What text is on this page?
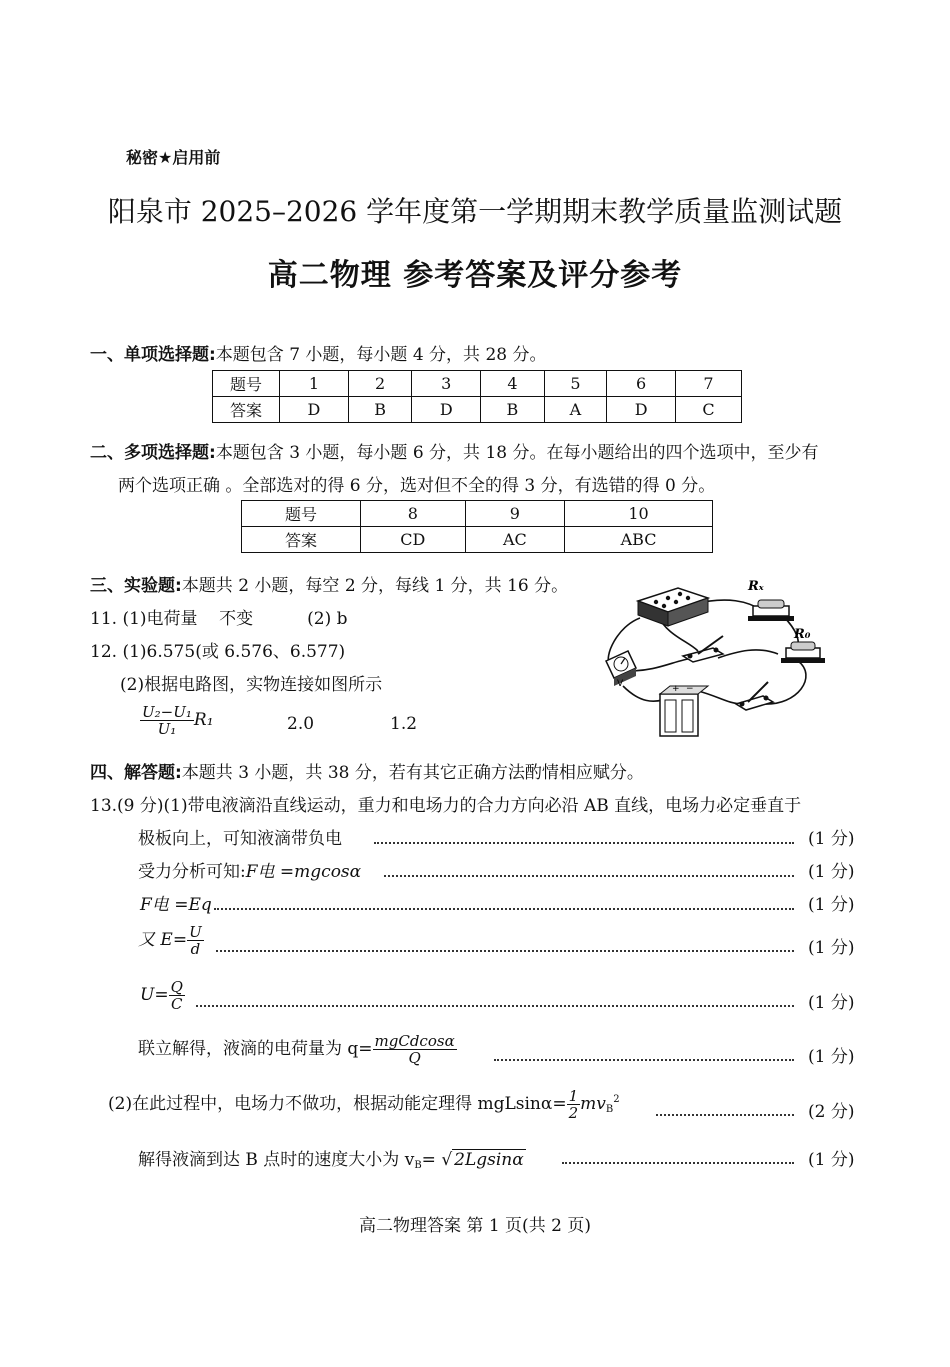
秘密★启用前
阳泉市 2025–2026 学年度第一学期期末教学质量监测试题
高二物理 参考答案及评分参考
一、单项选择题:本题包含 7 小题，每小题 4 分，共 28 分。
题号	1	2	3	4	5	6	7
答案	D	B	D	B	A	D	C
二、多项选择题:本题包含 3 小题，每小题 6 分，共 18 分。在每小题给出的四个选项中，至少有
两个选项正确 。全部选对的得 6 分，选对但不全的得 3 分，有选错的得 0 分。
题号	8	9	10
答案	CD	AC	ABC
三、实验题:本题共 2 小题，每空 2 分，每线 1 分，共 16 分。
11. (1)电荷量    不变          (2) b
12. (1)6.575(或 6.576、6.577)
(2)根据电路图，实物连接如图所示
$\frac{\text{U₂−U₁}}{\text{U₁}} R_1$	2.0	1.2
Rₓ
R₀
V	+ −
四、解答题:本题共 3 小题，共 38 分，若有其它正确方法酌情相应赋分。
13.(9 分)(1)带电液滴沿直线运动，重力和电场力的合力方向必沿 AB 直线，电场力必定垂直于
极板向上，可知液滴带负电	(1 分)
受力分析可知:F电 =mgcosα	(1 分)
F电 =Eq	(1 分)
又 $E= \frac{U}{d}$	(1 分)
$U= \frac{Q}{C}$	(1 分)
联立解得，液滴的电荷量为 $q= \frac{\text{mgCdcosα}}{Q}$	(1 分)
(2)在此过程中，电场力不做功，根据动能定理得 $mgLsin\alpha= \frac{1}{2} mv_B^2$
(2 分)
解得液滴到达 B 点时的速度大小为 $v_B=$ √ 2Lgsinα	(1 分)
高二物理答案 第 1 页(共 2 页)
